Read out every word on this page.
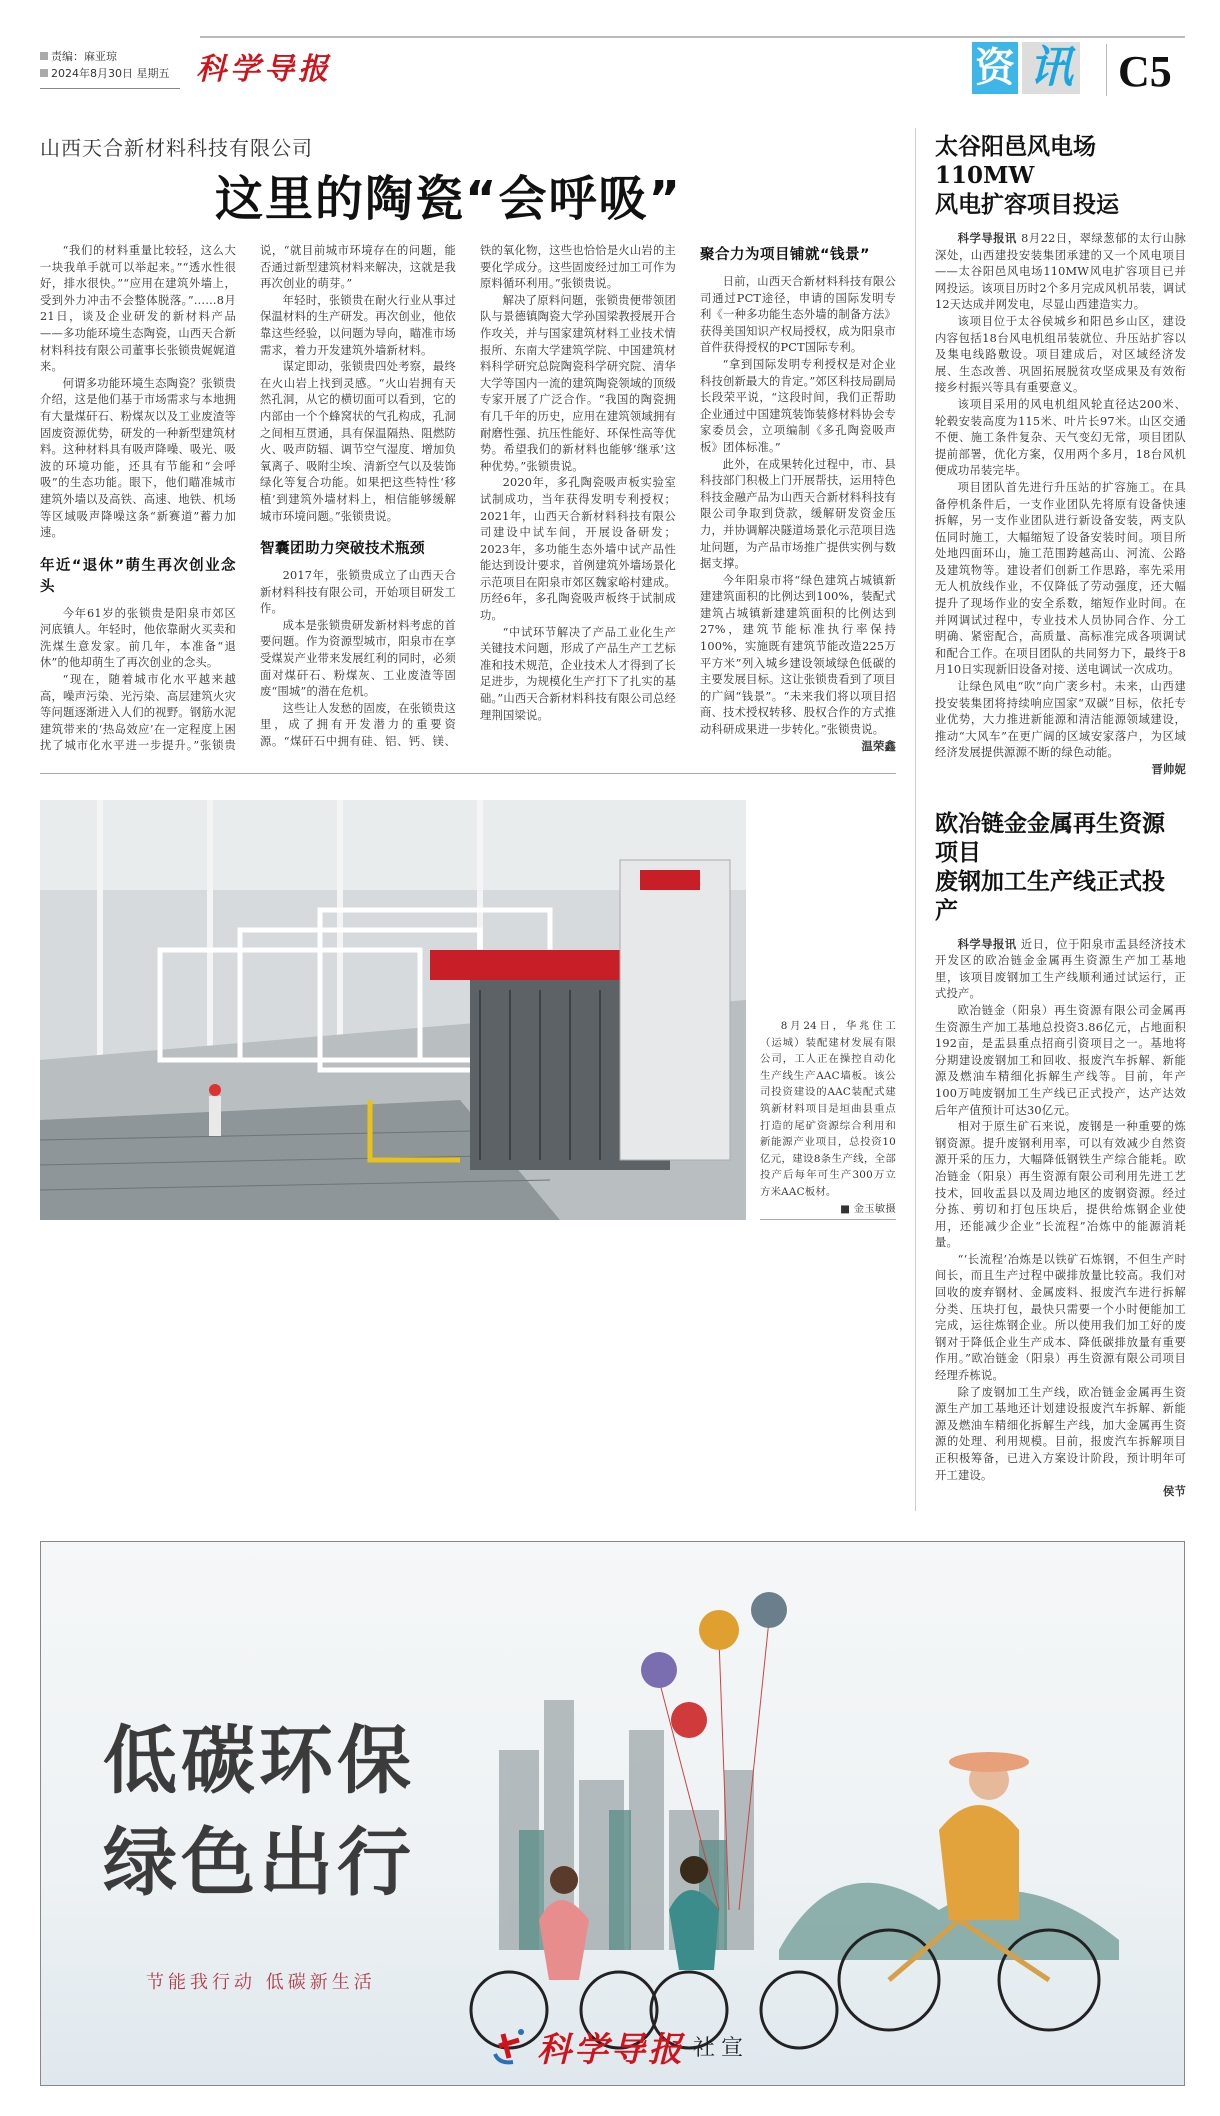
责编：麻亚琼
2024年8月30日 星期五 科学导报	资 讯 C5
山西天合新材料科技有限公司
这里的陶瓷“会呼吸”

“我们的材料重量比较轻，这么大一块我单手就可以举起来。”“透水性很好，排水很快。”“应用在建筑外墙上，受到外力冲击不会整体脱落。”……8月21日，谈及企业研发的新材料产品——多功能环境生态陶瓷，山西天合新材料科技有限公司董事长张锁贵娓娓道来。

何谓多功能环境生态陶瓷？张锁贵介绍，这是他们基于市场需求与本地拥有大量煤矸石、粉煤灰以及工业废渣等固废资源优势，研发的一种新型建筑材料。这种材料具有吸声降噪、吸光、吸波的环境功能，还具有节能和“会呼吸”的生态功能。眼下，他们瞄准城市建筑外墙以及高铁、高速、地铁、机场等区域吸声降噪这条“新赛道”蓄力加速。

年近“退休”萌生再次创业念头

今年61岁的张锁贵是阳泉市郊区河底镇人。年轻时，他依靠耐火买卖和洗煤生意发家。前几年，本准备“退休”的他却萌生了再次创业的念头。

“现在，随着城市化水平越来越高，噪声污染、光污染、高层建筑火灾等问题逐渐进入人们的视野。钢筋水泥建筑带来的‘热岛效应’在一定程度上困扰了城市化水平进一步提升。”张锁贵说，“就目前城市环境存在的问题，能否通过新型建筑材料来解决，这就是我再次创业的萌芽。”

年轻时，张锁贵在耐火行业从事过保温材料的生产研发。再次创业，他依靠这些经验，以问题为导向，瞄准市场需求，着力开发建筑外墙新材料。

谋定即动，张锁贵四处考察，最终在火山岩上找到灵感。“火山岩拥有天然孔洞，从它的横切面可以看到，它的内部由一个个蜂窝状的气孔构成，孔洞之间相互贯通，具有保温隔热、阻燃防火、吸声防辐、调节空气湿度、增加负氧离子、吸附尘埃、清新空气以及装饰绿化等复合功能。如果把这些特性‘移植’到建筑外墙材料上，相信能够缓解城市环境问题。”张锁贵说。

智囊团助力突破技术瓶颈

2017年，张锁贵成立了山西天合新材料科技有限公司，开始项目研发工作。

成本是张锁贵研发新材料考虑的首要问题。作为资源型城市，阳泉市在享受煤炭产业带来发展红利的同时，必须面对煤矸石、粉煤灰、工业废渣等固废“围城”的潜在危机。

这些让人发愁的固废，在张锁贵这里，成了拥有开发潜力的重要资源。“煤矸石中拥有硅、铝、钙、镁、铁的氧化物，这些也恰恰是火山岩的主要化学成分。这些固废经过加工可作为原料循环利用。”张锁贵说。

解决了原料问题，张锁贵便带领团队与景德镇陶瓷大学孙国梁教授展开合作攻关，并与国家建筑材料工业技术情报所、东南大学建筑学院、中国建筑材料科学研究总院陶瓷科学研究院、清华大学等国内一流的建筑陶瓷领域的顶级专家开展了广泛合作。“我国的陶瓷拥有几千年的历史，应用在建筑领域拥有耐磨性强、抗压性能好、环保性高等优势。希望我们的新材料也能够‘继承’这种优势。”张锁贵说。

2020年，多孔陶瓷吸声板实验室试制成功，当年获得发明专利授权；2021年，山西天合新材料科技有限公司建设中试车间，开展设备研发；2023年，多功能生态外墙中试产品性能达到设计要求，首例建筑外墙场景化示范项目在阳泉市郊区魏家峪村建成。历经6年，多孔陶瓷吸声板终于试制成功。

“中试环节解决了产品工业化生产关键技术问题，形成了产品生产工艺标准和技术规范，企业技术人才得到了长足进步，为规模化生产打下了扎实的基础。”山西天合新材料科技有限公司总经理荆国梁说。

聚合力为项目铺就“钱景”

日前，山西天合新材料科技有限公司通过PCT途径，申请的国际发明专利《一种多功能生态外墙的制备方法》获得美国知识产权局授权，成为阳泉市首件获得授权的PCT国际专利。

“拿到国际发明专利授权是对企业科技创新最大的肯定。”郊区科技局副局长段荣平说，“这段时间，我们正帮助企业通过中国建筑装饰装修材料协会专家委员会，立项编制《多孔陶瓷吸声板》团体标准。”

此外，在成果转化过程中，市、县科技部门积极上门开展帮扶，运用特色科技金融产品为山西天合新材料科技有限公司争取到贷款，缓解研发资金压力，并协调解决隧道场景化示范项目选址问题，为产品市场推广提供实例与数据支撑。

今年阳泉市将“绿色建筑占城镇新建建筑面积的比例达到100%，装配式建筑占城镇新建建筑面积的比例达到27%，建筑节能标准执行率保持100%，实施既有建筑节能改造225万平方米”列入城乡建设领域绿色低碳的主要发展目标。这让张锁贵看到了项目的广阔“钱景”。“未来我们将以项目招商、技术授权转移、股权合作的方式推动科研成果进一步转化。”张锁贵说。

温荣鑫

8月24日，华兆住工（运城）装配建材发展有限公司，工人正在操控自动化生产线生产AAC墙板。该公司投资建设的AAC装配式建筑新材料项目是垣曲县重点打造的尾矿资源综合利用和新能源产业项目，总投资10亿元，建设8条生产线，全部投产后每年可生产300万立方米AAC板材。

■ 金玉敏摄
太谷阳邑风电场 110MW
风电扩容项目投运

科学导报讯 8月22日，翠绿葱郁的太行山脉深处，山西建投安装集团承建的又一个风电项目——太谷阳邑风电场110MW风电扩容项目已并网投运。该项目历时2个多月完成风机吊装，调试12天达成并网发电，尽显山西建造实力。

该项目位于太谷侯城乡和阳邑乡山区，建设内容包括18台风电机组吊装就位、升压站扩容以及集电线路敷设。项目建成后，对区域经济发展、生态改善、巩固拓展脱贫攻坚成果及有效衔接乡村振兴等具有重要意义。

该项目采用的风电机组风轮直径达200米、轮毂安装高度为115米、叶片长97米。山区交通不便、施工条件复杂、天气变幻无常，项目团队提前部署，优化方案，仅用两个多月，18台风机便成功吊装完毕。

项目团队首先进行升压站的扩容施工。在具备停机条件后，一支作业团队先将原有设备快速拆解，另一支作业团队进行新设备安装，两支队伍同时施工，大幅缩短了设备安装时间。项目所处地四面环山，施工范围跨越高山、河流、公路及建筑物等。建设者们创新工作思路，率先采用无人机放线作业，不仅降低了劳动强度，还大幅提升了现场作业的安全系数，缩短作业时间。在并网调试过程中，专业技术人员协同合作、分工明确、紧密配合，高质量、高标准完成各项调试和配合工作。在项目团队的共同努力下，最终于8月10日实现新旧设备对接、送电调试一次成功。

让绿色风电“吹”向广袤乡村。未来，山西建投安装集团将持续响应国家“双碳”目标，依托专业优势，大力推进新能源和清洁能源领域建设，推动“大风车”在更广阔的区域安家落户，为区域经济发展提供源源不断的绿色动能。

晋帅妮
欧冶链金金属再生资源项目
废钢加工生产线正式投产

科学导报讯 近日，位于阳泉市盂县经济技术开发区的欧冶链金金属再生资源生产加工基地里，该项目废钢加工生产线顺利通过试运行，正式投产。

欧冶链金（阳泉）再生资源有限公司金属再生资源生产加工基地总投资3.86亿元，占地面积192亩，是盂县重点招商引资项目之一。基地将分期建设废钢加工和回收、报废汽车拆解、新能源及燃油车精细化拆解生产线等。目前，年产100万吨废钢加工生产线已正式投产，达产达效后年产值预计可达30亿元。

相对于原生矿石来说，废钢是一种重要的炼钢资源。提升废钢利用率，可以有效减少自然资源开采的压力，大幅降低钢铁生产综合能耗。欧冶链金（阳泉）再生资源有限公司利用先进工艺技术，回收盂县以及周边地区的废钢资源。经过分拣、剪切和打包压块后，提供给炼钢企业使用，还能减少企业“长流程”冶炼中的能源消耗量。

“‘长流程’冶炼是以铁矿石炼钢，不但生产时间长，而且生产过程中碳排放量比较高。我们对回收的废弃钢材、金属废料、报废汽车进行拆解分类、压块打包，最快只需要一个小时便能加工完成，运往炼钢企业。所以使用我们加工好的废钢对于降低企业生产成本、降低碳排放量有重要作用。”欧冶链金（阳泉）再生资源有限公司项目经理乔栋说。

除了废钢加工生产线，欧冶链金金属再生资源生产加工基地还计划建设报废汽车拆解、新能源及燃油车精细化拆解生产线，加大金属再生资源的处理、利用规模。目前，报废汽车拆解项目正积极筹备，已进入方案设计阶段，预计明年可开工建设。

侯节
低碳环保
绿色出行
节能我行动 低碳新生活
科学导报 社宣
